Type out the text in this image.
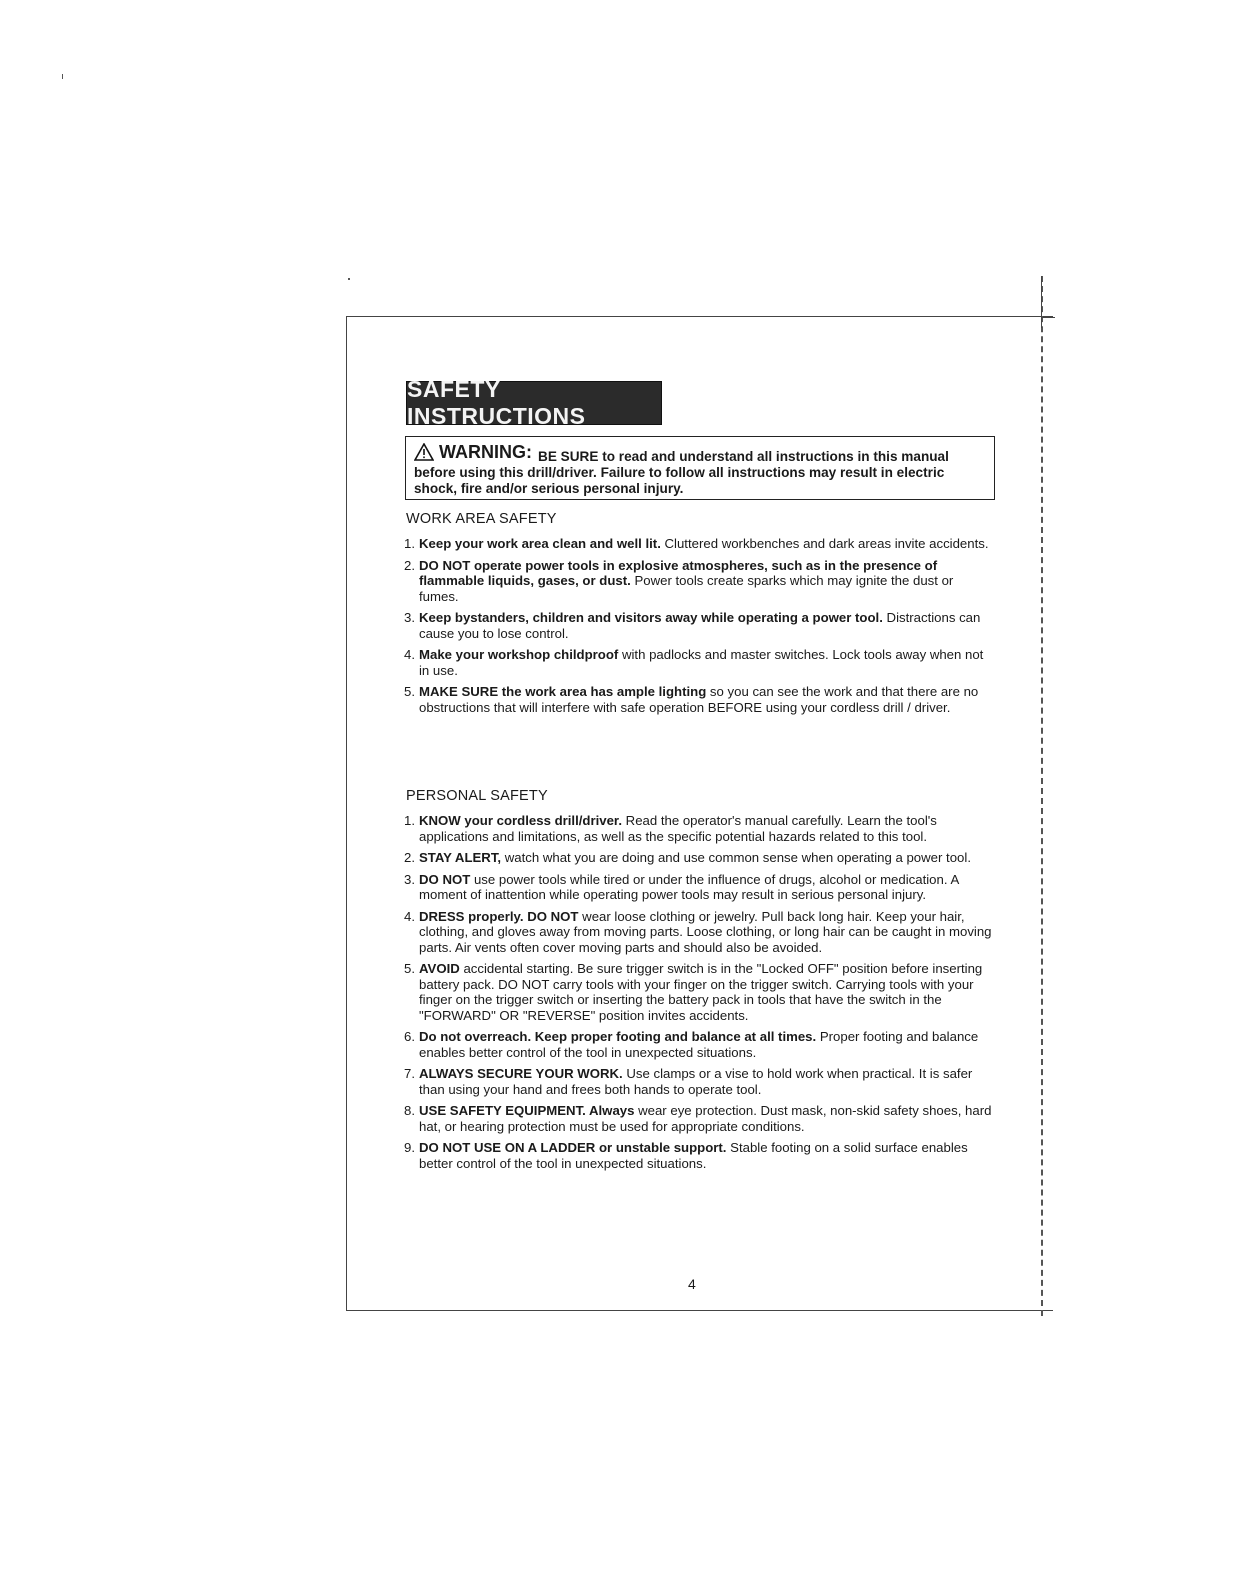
SAFETY INSTRUCTIONS
WARNING: BE SURE to read and understand all instructions in this manual before using this drill/driver. Failure to follow all instructions may result in electric shock, fire and/or serious personal injury.
WORK AREA SAFETY
1. Keep your work area clean and well lit. Cluttered workbenches and dark areas invite accidents.
2. DO NOT operate power tools in explosive atmospheres, such as in the presence of flammable liquids, gases, or dust. Power tools create sparks which may ignite the dust or fumes.
3. Keep bystanders, children and visitors away while operating a power tool. Distractions can cause you to lose control.
4. Make your workshop childproof with padlocks and master switches. Lock tools away when not in use.
5. MAKE SURE the work area has ample lighting so you can see the work and that there are no obstructions that will interfere with safe operation BEFORE using your cordless drill / driver.
PERSONAL SAFETY
1. KNOW your cordless drill/driver. Read the operator's manual carefully. Learn the tool's applications and limitations, as well as the specific potential hazards related to this tool.
2. STAY ALERT, watch what you are doing and use common sense when operating a power tool.
3. DO NOT use power tools while tired or under the influence of drugs, alcohol or medication. A moment of inattention while operating power tools may result in serious personal injury.
4. DRESS properly. DO NOT wear loose clothing or jewelry. Pull back long hair. Keep your hair, clothing, and gloves away from moving parts. Loose clothing, or long hair can be caught in moving parts. Air vents often cover moving parts and should also be avoided.
5. AVOID accidental starting. Be sure trigger switch is in the "Locked OFF" position before inserting battery pack. DO NOT carry tools with your finger on the trigger switch. Carrying tools with your finger on the trigger switch or inserting the battery pack in tools that have the switch in the "FORWARD" OR "REVERSE" position invites accidents.
6. Do not overreach. Keep proper footing and balance at all times. Proper footing and balance enables better control of the tool in unexpected situations.
7. ALWAYS SECURE YOUR WORK. Use clamps or a vise to hold work when practical. It is safer than using your hand and frees both hands to operate tool.
8. USE SAFETY EQUIPMENT. Always wear eye protection. Dust mask, non-skid safety shoes, hard hat, or hearing protection must be used for appropriate conditions.
9. DO NOT USE ON A LADDER or unstable support. Stable footing on a solid surface enables better control of the tool in unexpected situations.
4
